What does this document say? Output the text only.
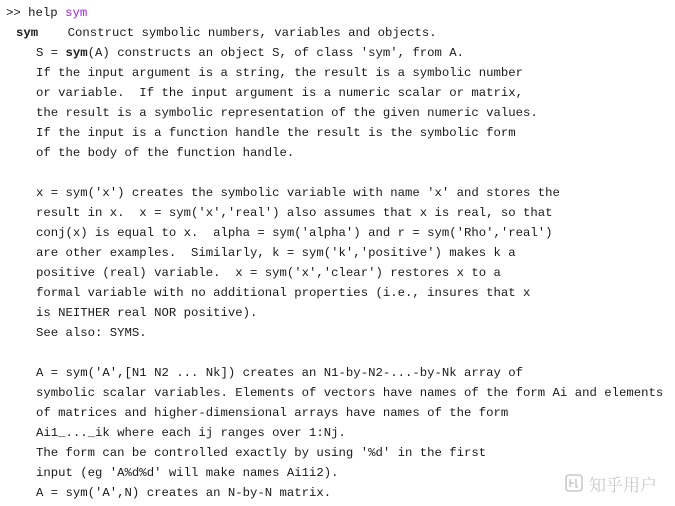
>> help sym

sym Construct symbolic numbers, variables and objects.

S = sym(A) constructs an object S, of class 'sym', from A.

If the input argument is a string, the result is a symbolic number

or variable.  If the input argument is a numeric scalar or matrix,

the result is a symbolic representation of the given numeric values.

If the input is a function handle the result is the symbolic form

of the body of the function handle.

x = sym('x') creates the symbolic variable with name 'x' and stores the

result in x.  x = sym('x','real') also assumes that x is real, so that

conj(x) is equal to x.  alpha = sym('alpha') and r = sym('Rho','real')

are other examples.  Similarly, k = sym('k','positive') makes k a

positive (real) variable.  x = sym('x','clear') restores x to a

formal variable with no additional properties (i.e., insures that x

is NEITHER real NOR positive).

See also: SYMS.

A = sym('A',[N1 N2 ... Nk]) creates an N1-by-N2-...-by-Nk array of

symbolic scalar variables. Elements of vectors have names of the form Ai and elements

of matrices and higher-dimensional arrays have names of the form

Ai1_..._ik where each ij ranges over 1:Nj.

The form can be controlled exactly by using '%d' in the first

input (eg 'A%d%d' will make names Ai1i2).

A = sym('A',N) creates an N-by-N matrix.

	知乎用户
